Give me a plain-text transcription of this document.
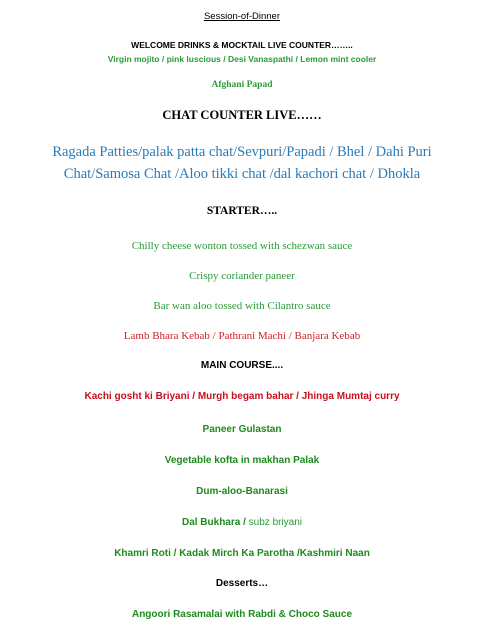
Session-of-Dinner
WELCOME DRINKS & MOCKTAIL LIVE COUNTER……..
Virgin mojito / pink luscious / Desi Vanaspathi / Lemon mint cooler
Afghani Papad
CHAT COUNTER LIVE……
Ragada Patties/palak patta chat/Sevpuri/Papadi / Bhel / Dahi Puri
Chat/Samosa Chat /Aloo tikki chat /dal kachori chat / Dhokla
STARTER…..
Chilly cheese wonton tossed with schezwan sauce
Crispy coriander paneer
Bar wan aloo tossed with Cilantro sauce
Lamb Bhara Kebab / Pathrani Machi / Banjara Kebab
MAIN COURSE....
Kachi gosht ki Briyani / Murgh begam bahar / Jhinga Mumtaj curry
Paneer Gulastan
Vegetable kofta in makhan Palak
Dum-aloo-Banarasi
Dal Bukhara / subz briyani
Khamri Roti / Kadak Mirch Ka Parotha /Kashmiri Naan
Desserts…
Angoori Rasamalai with Rabdi & Choco Sauce
